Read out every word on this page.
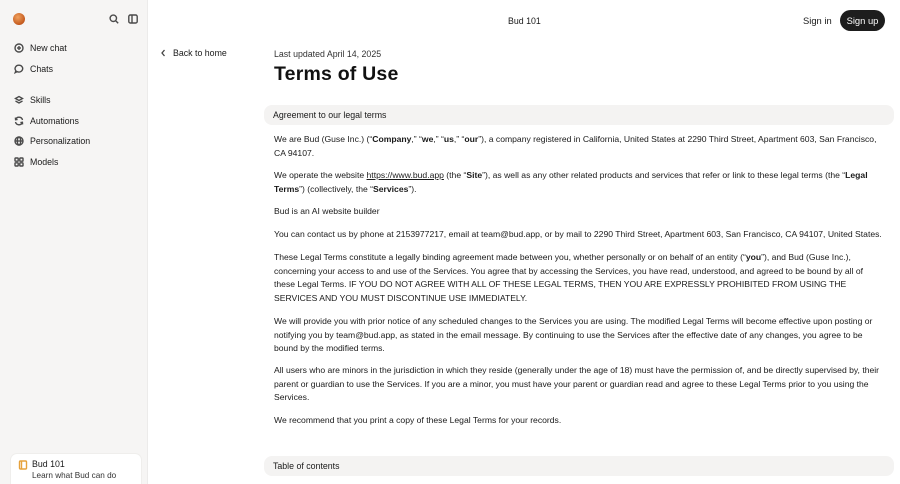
New chat
Chats
Skills
Automations
Personalization
Models
Bud 101
Learn what Bud can do
Bud 101	Sign in	Sign up
Back to home	Last updated April 14, 2025
Terms of Use
Agreement to our legal terms
We are Bud (Guse Inc.) (“Company,” “we,” “us,” “our”), a company registered in California, United States at 2290 Third Street, Apartment 603, San Francisco, CA 94107.
We operate the website https://www.bud.app (the “Site”), as well as any other related products and services that refer or link to these legal terms (the “Legal Terms”) (collectively, the “Services”).
Bud is an AI website builder
You can contact us by phone at 2153977217, email at team@bud.app, or by mail to 2290 Third Street, Apartment 603, San Francisco, CA 94107, United States.
These Legal Terms constitute a legally binding agreement made between you, whether personally or on behalf of an entity (“you”), and Bud (Guse Inc.), concerning your access to and use of the Services. You agree that by accessing the Services, you have read, understood, and agreed to be bound by all of these Legal Terms. IF YOU DO NOT AGREE WITH ALL OF THESE LEGAL TERMS, THEN YOU ARE EXPRESSLY PROHIBITED FROM USING THE SERVICES AND YOU MUST DISCONTINUE USE IMMEDIATELY.
We will provide you with prior notice of any scheduled changes to the Services you are using. The modified Legal Terms will become effective upon posting or notifying you by team@bud.app, as stated in the email message. By continuing to use the Services after the effective date of any changes, you agree to be bound by the modified terms.
All users who are minors in the jurisdiction in which they reside (generally under the age of 18) must have the permission of, and be directly supervised by, their parent or guardian to use the Services. If you are a minor, you must have your parent or guardian read and agree to these Legal Terms prior to you using the Services.
We recommend that you print a copy of these Legal Terms for your records.
Table of contents
